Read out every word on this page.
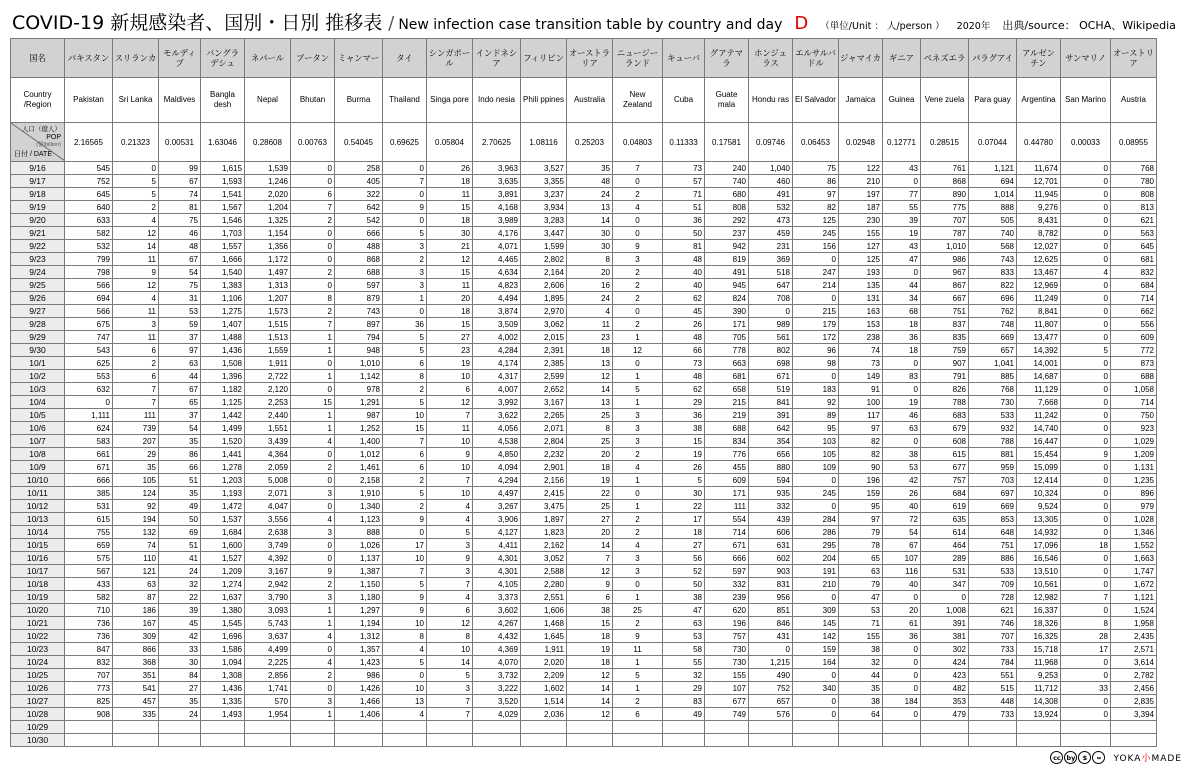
COVID-19 新規感染者、国別・日別 推移表 / New infection case transition table by country and day D （単位/Unit ： 人/person ） 2020年 出典/source： OCHA、Wikipedia
国名	パキスタン	スリランカ	モルディブ	バングラデシュ	ネパール	ブータン	ミャンマー	タイ	シンガポール	インドネシア	フィリピン	オーストラリア	ニュージーランド	キューバ	グアテマラ	ホンジュラス	エルサルバドル	ジャマイカ	ギニア	ベネズエラ	パラグアイ	アルゼンチン	サンマリノ	オーストリア
Country /Region	Pakistan	Sri Lanka	Maldives	Bangla desh	Nepal	Bhutan	Burma	Thailand	Singa pore	Indo nesia	Phili ppines	Australia	New Zealand	Cuba	Guate mala	Hondu ras	El Salvador	Jamaica	Guinea	Vene zuela	Para guay	Argentina	San Marino	Austria

人口（億人）
POP
(億/billion)
日付 / DATE	2.16565	0.21323	0.00531	1.63046	0.28608	0.00763	0.54045	0.69625	0.05804	2.70625	1.08116	0.25203	0.04803	0.11333	0.17581	0.09746	0.06453	0.02948	0.12771	0.28515	0.07044	0.44780	0.00033	0.08955
9/16	545	0	99	1,615	1,539	0	258	0	26	3,963	3,527	35	7	73	240	1,040	75	122	43	761	1,121	11,674	0	768
9/17	752	5	67	1,593	1,246	0	405	7	18	3,635	3,355	48	0	57	740	460	86	210	0	868	694	12,701	0	780
9/18	645	5	74	1,541	2,020	6	322	0	11	3,891	3,237	24	2	71	680	491	97	197	77	890	1,014	11,945	0	808
9/19	640	2	81	1,567	1,204	7	642	9	15	4,168	3,934	13	4	51	808	532	82	187	55	775	888	9,276	0	813
9/20	633	4	75	1,546	1,325	2	542	0	18	3,989	3,283	14	0	36	292	473	125	230	39	707	505	8,431	0	621
9/21	582	12	46	1,703	1,154	0	666	5	30	4,176	3,447	30	0	50	237	459	245	155	19	787	740	8,782	0	563
9/22	532	14	48	1,557	1,356	0	488	3	21	4,071	1,599	30	9	81	942	231	156	127	43	1,010	568	12,027	0	645
9/23	799	11	67	1,666	1,172	0	868	2	12	4,465	2,802	8	3	48	819	369	0	125	47	986	743	12,625	0	681
9/24	798	9	54	1,540	1,497	2	688	3	15	4,634	2,164	20	2	40	491	518	247	193	0	967	833	13,467	4	832
9/25	566	12	75	1,383	1,313	0	597	3	11	4,823	2,606	16	2	40	945	647	214	135	44	867	822	12,969	0	684
9/26	694	4	31	1,106	1,207	8	879	1	20	4,494	1,895	24	2	62	824	708	0	131	34	667	696	11,249	0	714
9/27	566	11	53	1,275	1,573	2	743	0	18	3,874	2,970	4	0	45	390	0	215	163	68	751	762	8,841	0	662
9/28	675	3	59	1,407	1,515	7	897	36	15	3,509	3,062	11	2	26	171	989	179	153	18	837	748	11,807	0	556
9/29	747	11	37	1,488	1,513	1	794	5	27	4,002	2,015	23	1	48	705	561	172	238	36	835	669	13,477	0	609
9/30	543	6	97	1,436	1,559	1	948	5	23	4,284	2,391	18	12	66	778	802	96	74	18	759	657	14,392	5	772
10/1	625	2	63	1,508	1,911	0	1,010	6	19	4,174	2,385	13	0	73	663	698	98	73	0	907	1,041	14,001	0	873
10/2	553	6	44	1,396	2,722	1	1,142	8	10	4,317	2,599	12	1	48	681	671	0	149	83	791	885	14,687	0	688
10/3	632	7	67	1,182	2,120	0	978	2	6	4,007	2,652	14	5	62	658	519	183	91	0	826	768	11,129	0	1,058
10/4	0	7	65	1,125	2,253	15	1,291	5	12	3,992	3,167	13	1	29	215	841	92	100	19	788	730	7,668	0	714
10/5	1,111	111	37	1,442	2,440	1	987	10	7	3,622	2,265	25	3	36	219	391	89	117	46	683	533	11,242	0	750
10/6	624	739	54	1,499	1,551	1	1,252	15	11	4,056	2,071	8	3	38	688	642	95	97	63	679	932	14,740	0	923
10/7	583	207	35	1,520	3,439	4	1,400	7	10	4,538	2,804	25	3	15	834	354	103	82	0	608	788	16,447	0	1,029
10/8	661	29	86	1,441	4,364	0	1,012	6	9	4,850	2,232	20	2	19	776	656	105	82	38	615	881	15,454	9	1,209
10/9	671	35	66	1,278	2,059	2	1,461	6	10	4,094	2,901	18	4	26	455	880	109	90	53	677	959	15,099	0	1,131
10/10	666	105	51	1,203	5,008	0	2,158	2	7	4,294	2,156	19	1	5	609	594	0	196	42	757	703	12,414	0	1,235
10/11	385	124	35	1,193	2,071	3	1,910	5	10	4,497	2,415	22	0	30	171	935	245	159	26	684	697	10,324	0	896
10/12	531	92	49	1,472	4,047	0	1,340	2	4	3,267	3,475	25	1	22	111	332	0	95	40	619	669	9,524	0	979
10/13	615	194	50	1,537	3,556	4	1,123	9	4	3,906	1,897	27	2	17	554	439	284	97	72	635	853	13,305	0	1,028
10/14	755	132	69	1,684	2,638	3	888	0	5	4,127	1,823	20	2	18	714	606	286	79	54	614	648	14,932	0	1,346
10/15	659	74	51	1,600	3,749	0	1,026	17	3	4,411	2,162	14	4	27	671	631	295	78	67	464	751	17,096	18	1,552
10/16	575	110	41	1,527	4,392	0	1,137	10	9	4,301	3,052	7	3	56	666	602	204	65	107	289	886	16,546	0	1,663
10/17	567	121	24	1,209	3,167	9	1,387	7	3	4,301	2,588	12	3	52	597	903	191	63	116	531	533	13,510	0	1,747
10/18	433	63	32	1,274	2,942	2	1,150	5	7	4,105	2,280	9	0	50	332	831	210	79	40	347	709	10,561	0	1,672
10/19	582	87	22	1,637	3,790	3	1,180	9	4	3,373	2,551	6	1	38	239	956	0	47	0	0	728	12,982	7	1,121
10/20	710	186	39	1,380	3,093	1	1,297	9	6	3,602	1,606	38	25	47	620	851	309	53	20	1,008	621	16,337	0	1,524
10/21	736	167	45	1,545	5,743	1	1,194	10	12	4,267	1,468	15	2	63	196	846	145	71	61	391	746	18,326	8	1,958
10/22	736	309	42	1,696	3,637	4	1,312	8	8	4,432	1,645	18	9	53	757	431	142	155	36	381	707	16,325	28	2,435
10/23	847	866	33	1,586	4,499	0	1,357	4	10	4,369	1,911	19	11	58	730	0	159	38	0	302	733	15,718	17	2,571
10/24	832	368	30	1,094	2,225	4	1,423	5	14	4,070	2,020	18	1	55	730	1,215	164	32	0	424	784	11,968	0	3,614
10/25	707	351	84	1,308	2,856	2	986	0	5	3,732	2,209	12	5	32	155	490	0	44	0	423	551	9,253	0	2,782
10/26	773	541	27	1,436	1,741	0	1,426	10	3	3,222	1,602	14	1	29	107	752	340	35	0	482	515	11,712	33	2,456
10/27	825	457	35	1,335	570	3	1,466	13	7	3,520	1,514	14	2	83	677	657	0	38	184	353	448	14,308	0	2,835
10/28	908	335	24	1,493	1,954	1	1,406	4	7	4,029	2,036	12	6	49	749	576	0	64	0	479	733	13,924	0	3,394
10/29																								
10/30																								
cc by	$	=	YOKA小MADE
